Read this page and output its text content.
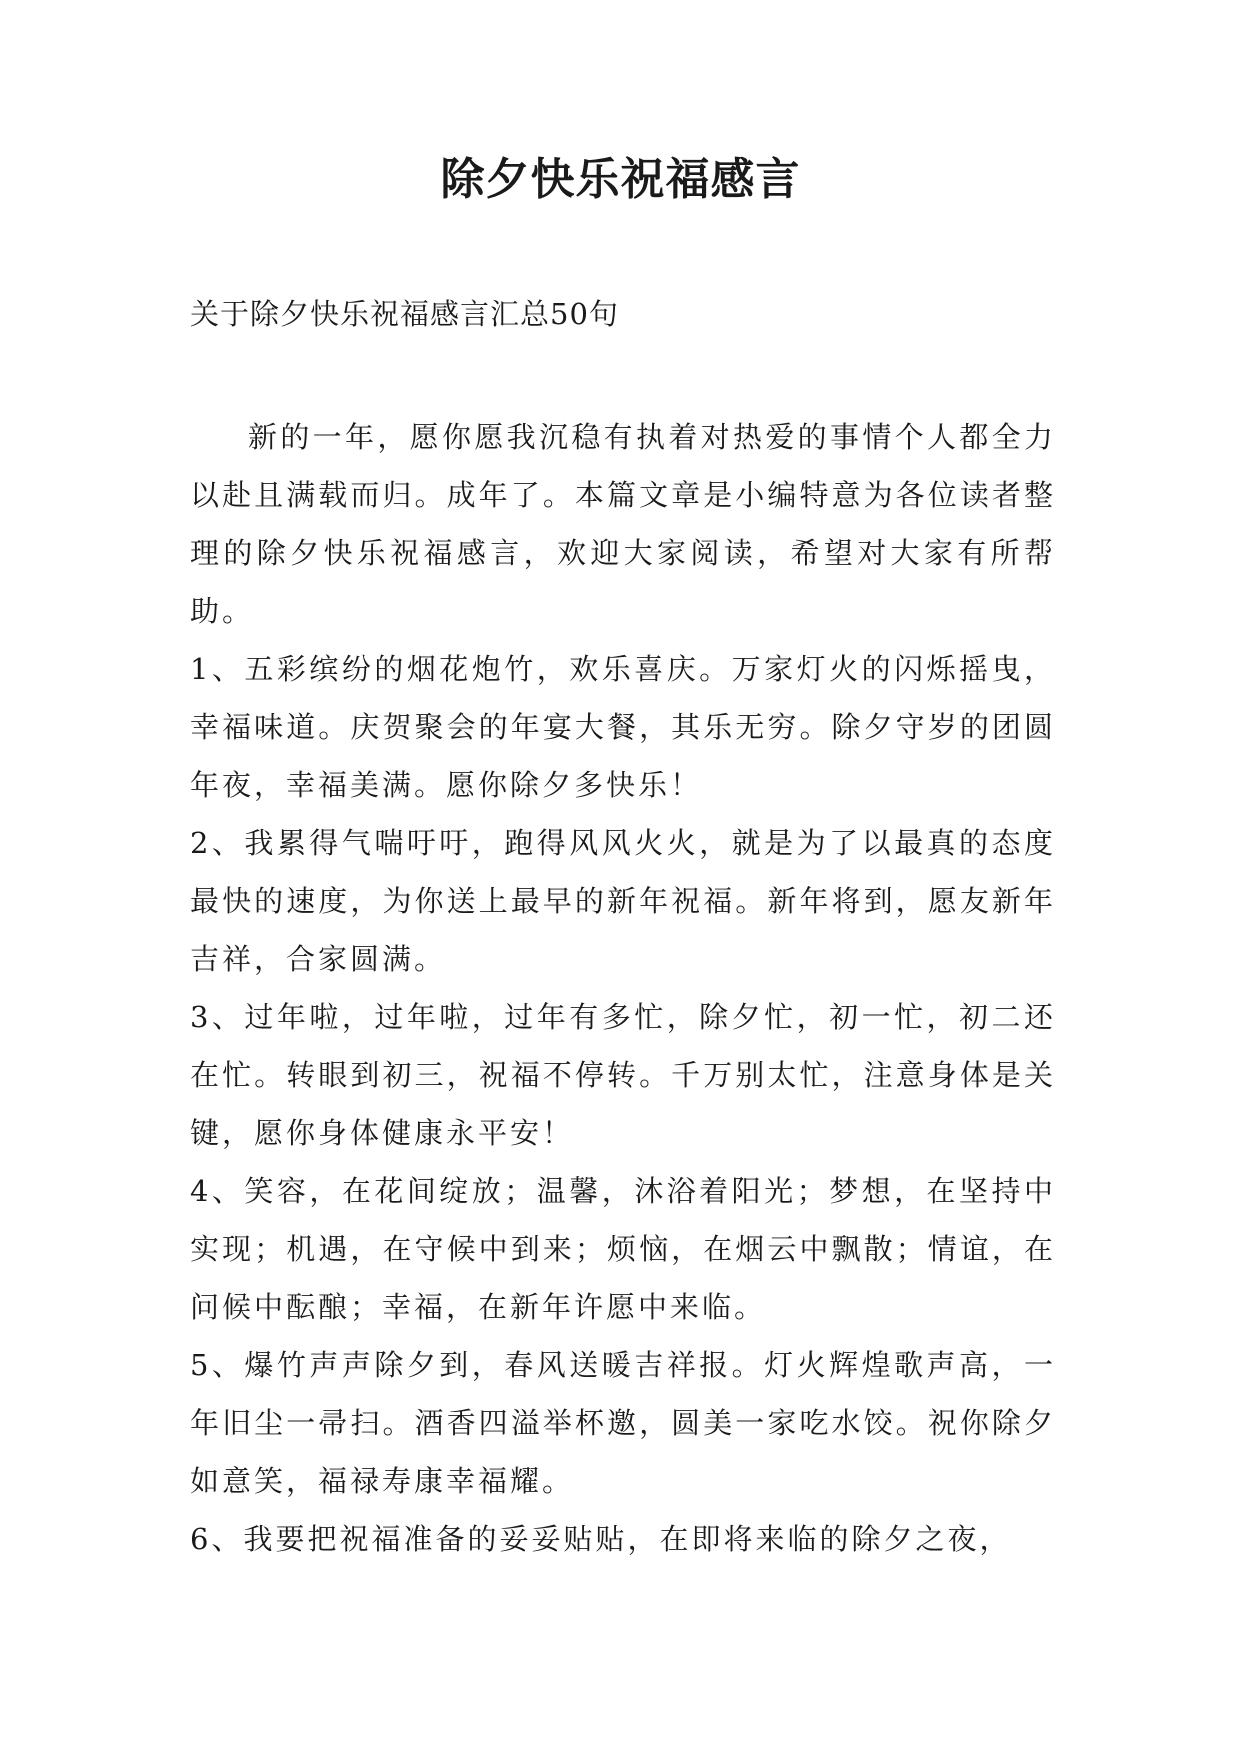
除夕快乐祝福感言
关于除夕快乐祝福感言汇总50句

新的一年，愿你愿我沉稳有执着对热爱的事情个人都全力以赴且满载而归。成年了。本篇文章是小编特意为各位读者整理的除夕快乐祝福感言，欢迎大家阅读，希望对大家有所帮助。

1、五彩缤纷的烟花炮竹，欢乐喜庆。万家灯火的闪烁摇曳，幸福味道。庆贺聚会的年宴大餐，其乐无穷。除夕守岁的团圆年夜，幸福美满。愿你除夕多快乐！

2、我累得气喘吁吁，跑得风风火火，就是为了以最真的态度最快的速度，为你送上最早的新年祝福。新年将到，愿友新年吉祥，合家圆满。

3、过年啦，过年啦，过年有多忙，除夕忙，初一忙，初二还在忙。转眼到初三，祝福不停转。千万别太忙，注意身体是关键，愿你身体健康永平安！

4、笑容，在花间绽放；温馨，沐浴着阳光；梦想，在坚持中实现；机遇，在守候中到来；烦恼，在烟云中飘散；情谊，在问候中酝酿；幸福，在新年许愿中来临。

5、爆竹声声除夕到，春风送暖吉祥报。灯火辉煌歌声高，一年旧尘一帚扫。酒香四溢举杯邀，圆美一家吃水饺。祝你除夕如意笑，福禄寿康幸福耀。

6、我要把祝福准备的妥妥贴贴，在即将来临的除夕之夜，
